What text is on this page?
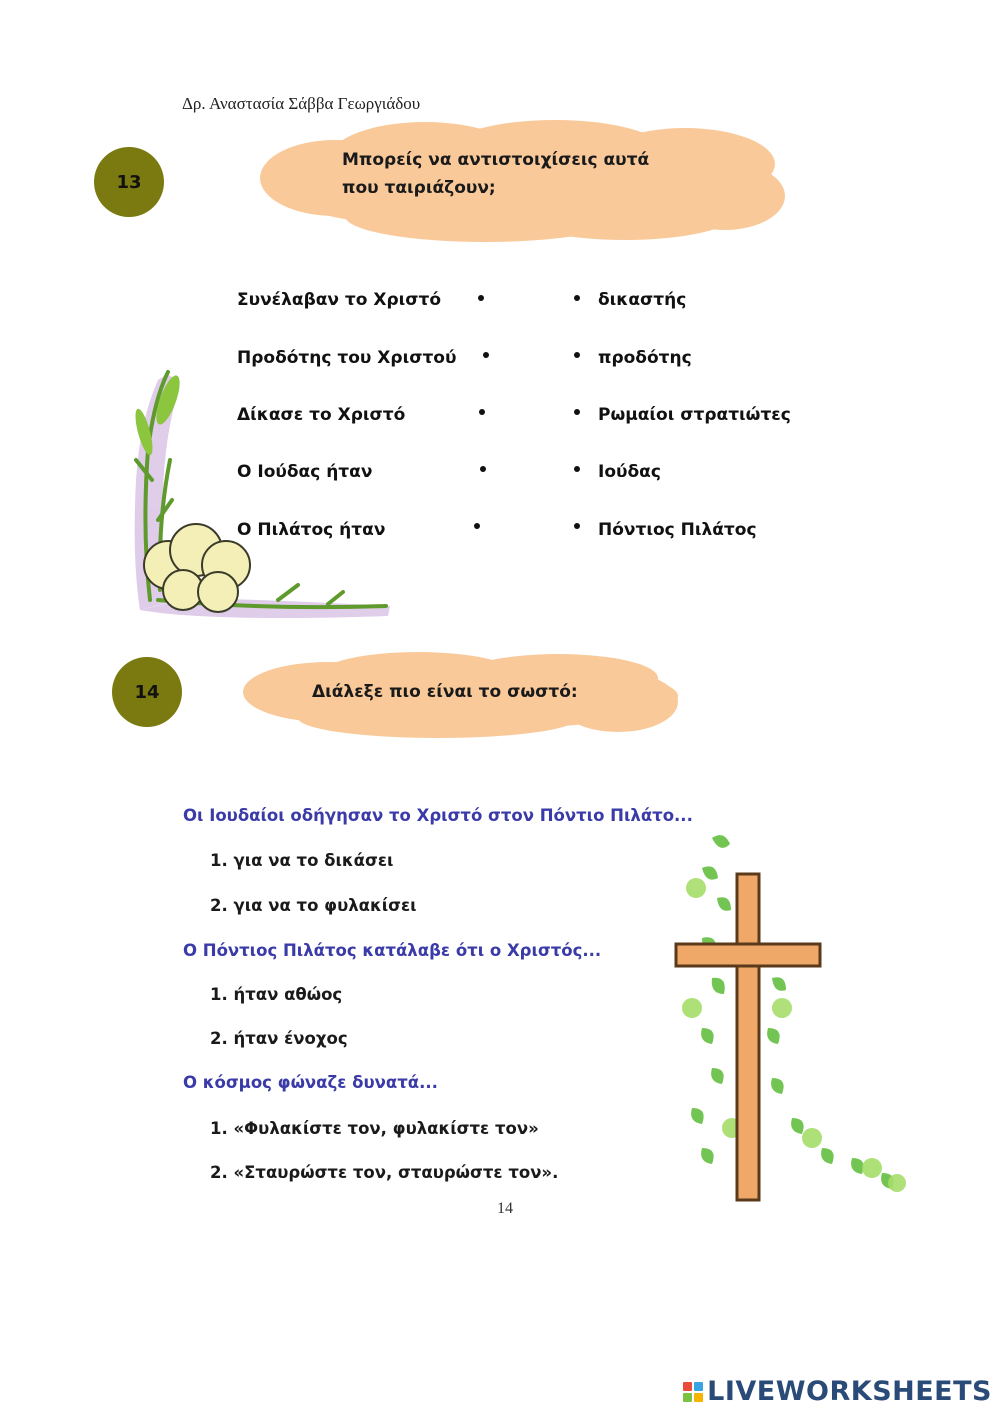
Δρ. Αναστασία Σάββα Γεωργιάδου
13
Μπορείς να αντιστοιχίσεις αυτά
που ταιριάζουν;
Συνέλαβαν το Χριστό
Προδότης του Χριστού
Δίκασε το Χριστό
Ο Ιούδας ήταν
Ο Πιλάτος ήταν
δικαστής
προδότης
Ρωμαίοι στρατιώτες
Ιούδας
Πόντιος Πιλάτος
14	Διάλεξε πιο είναι το σωστό:
Οι Ιουδαίοι οδήγησαν το Χριστό στον Πόντιο Πιλάτο...
1. για να το δικάσει
2. για να το φυλακίσει
Ο Πόντιος Πιλάτος κατάλαβε ότι ο Χριστός...
1. ήταν αθώος
2. ήταν ένοχος
Ο κόσμος φώναζε δυνατά...
1. «Φυλακίστε τον, φυλακίστε τον»
2. «Σταυρώστε τον, σταυρώστε τον».
14
LIVEWORKSHEETS
